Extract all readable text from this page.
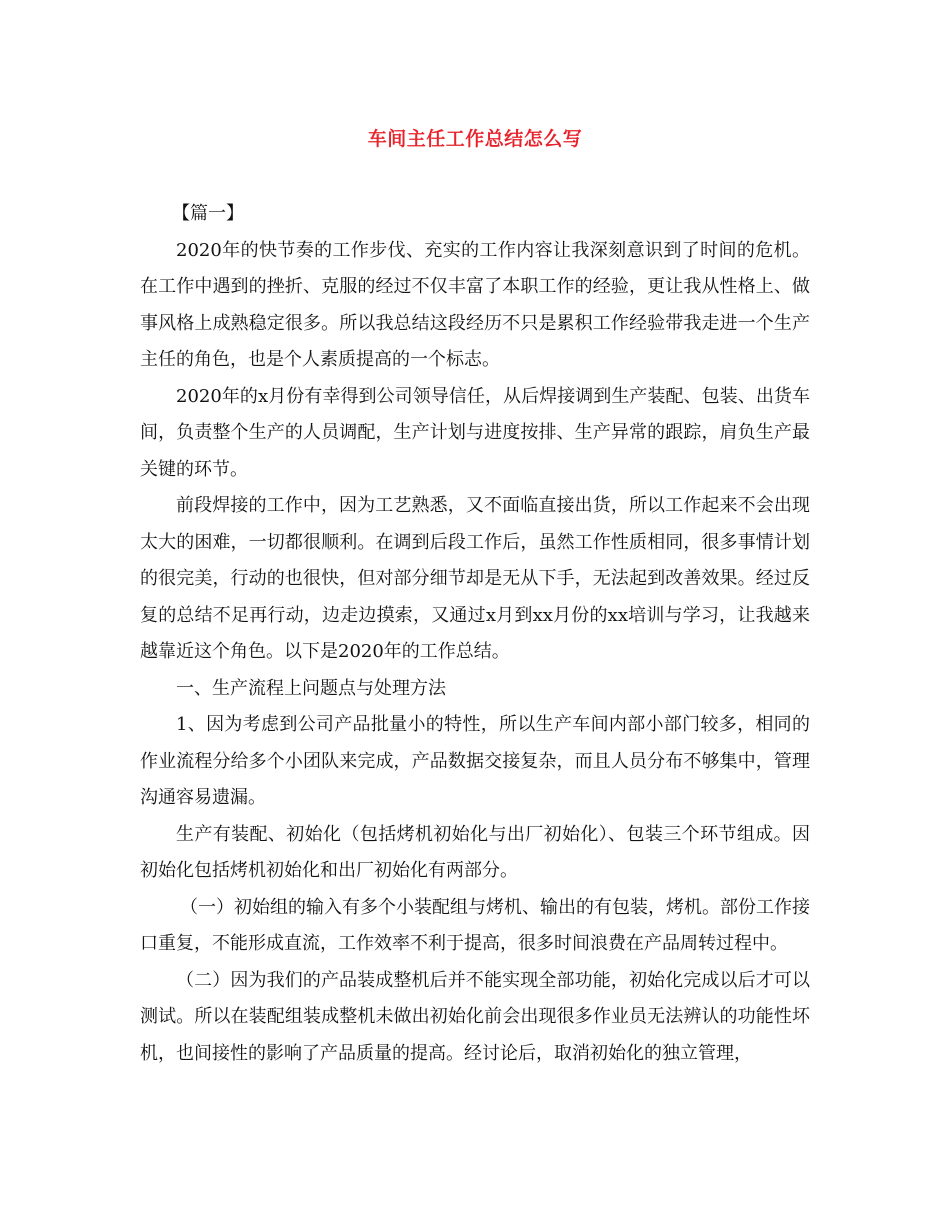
车间主任工作总结怎么写

【篇一】

2020年的快节奏的工作步伐、充实的工作内容让我深刻意识到了时间的危机。在工作中遇到的挫折、克服的经过不仅丰富了本职工作的经验，更让我从性格上、做事风格上成熟稳定很多。所以我总结这段经历不只是累积工作经验带我走进一个生产主任的角色，也是个人素质提高的一个标志。

2020年的x月份有幸得到公司领导信任，从后焊接调到生产装配、包装、出货车间，负责整个生产的人员调配，生产计划与进度按排、生产异常的跟踪，肩负生产最关键的环节。

前段焊接的工作中，因为工艺熟悉，又不面临直接出货，所以工作起来不会出现太大的困难，一切都很顺利。在调到后段工作后，虽然工作性质相同，很多事情计划的很完美，行动的也很快，但对部分细节却是无从下手，无法起到改善效果。经过反复的总结不足再行动，边走边摸索，又通过x月到xx月份的xx培训与学习，让我越来越靠近这个角色。以下是2020年的工作总结。

一、生产流程上问题点与处理方法

1、因为考虑到公司产品批量小的特性，所以生产车间内部小部门较多，相同的作业流程分给多个小团队来完成，产品数据交接复杂，而且人员分布不够集中，管理沟通容易遗漏。

生产有装配、初始化（包括烤机初始化与出厂初始化）、包装三个环节组成。因初始化包括烤机初始化和出厂初始化有两部分。

（一）初始组的输入有多个小装配组与烤机、输出的有包装，烤机。部份工作接口重复，不能形成直流，工作效率不利于提高，很多时间浪费在产品周转过程中。

（二）因为我们的产品装成整机后并不能实现全部功能，初始化完成以后才可以测试。所以在装配组装成整机未做出初始化前会出现很多作业员无法辨认的功能性坏机，也间接性的影响了产品质量的提高。经讨论后，取消初始化的独立管理，
